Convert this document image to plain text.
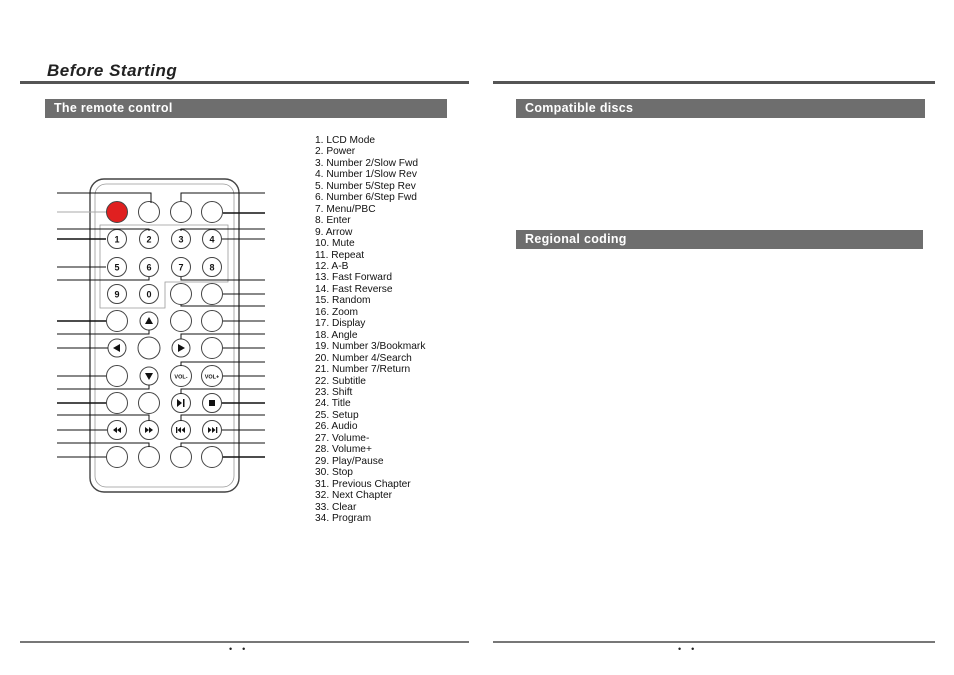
Before Starting
The remote control	Compatible discs
Regional coding
1	2	3	4
5	6	7	8
9	0
VOL-	VOL+
1. LCD Mode
2. Power
3. Number 2/Slow Fwd
4. Number 1/Slow Rev
5. Number 5/Step Rev
6. Number 6/Step Fwd
7. Menu/PBC
8. Enter
9. Arrow
10. Mute
11. Repeat
12. A-B
13. Fast Forward
14. Fast Reverse
15. Random
16. Zoom
17. Display
18. Angle
19. Number 3/Bookmark
20. Number 4/Search
21. Number 7/Return
22. Subtitle
23. Shift
24. Title
25. Setup
26. Audio
27. Volume-
28. Volume+
29. Play/Pause
30. Stop
31. Previous Chapter
32. Next Chapter
33. Clear
34. Program
•    •	•    •
